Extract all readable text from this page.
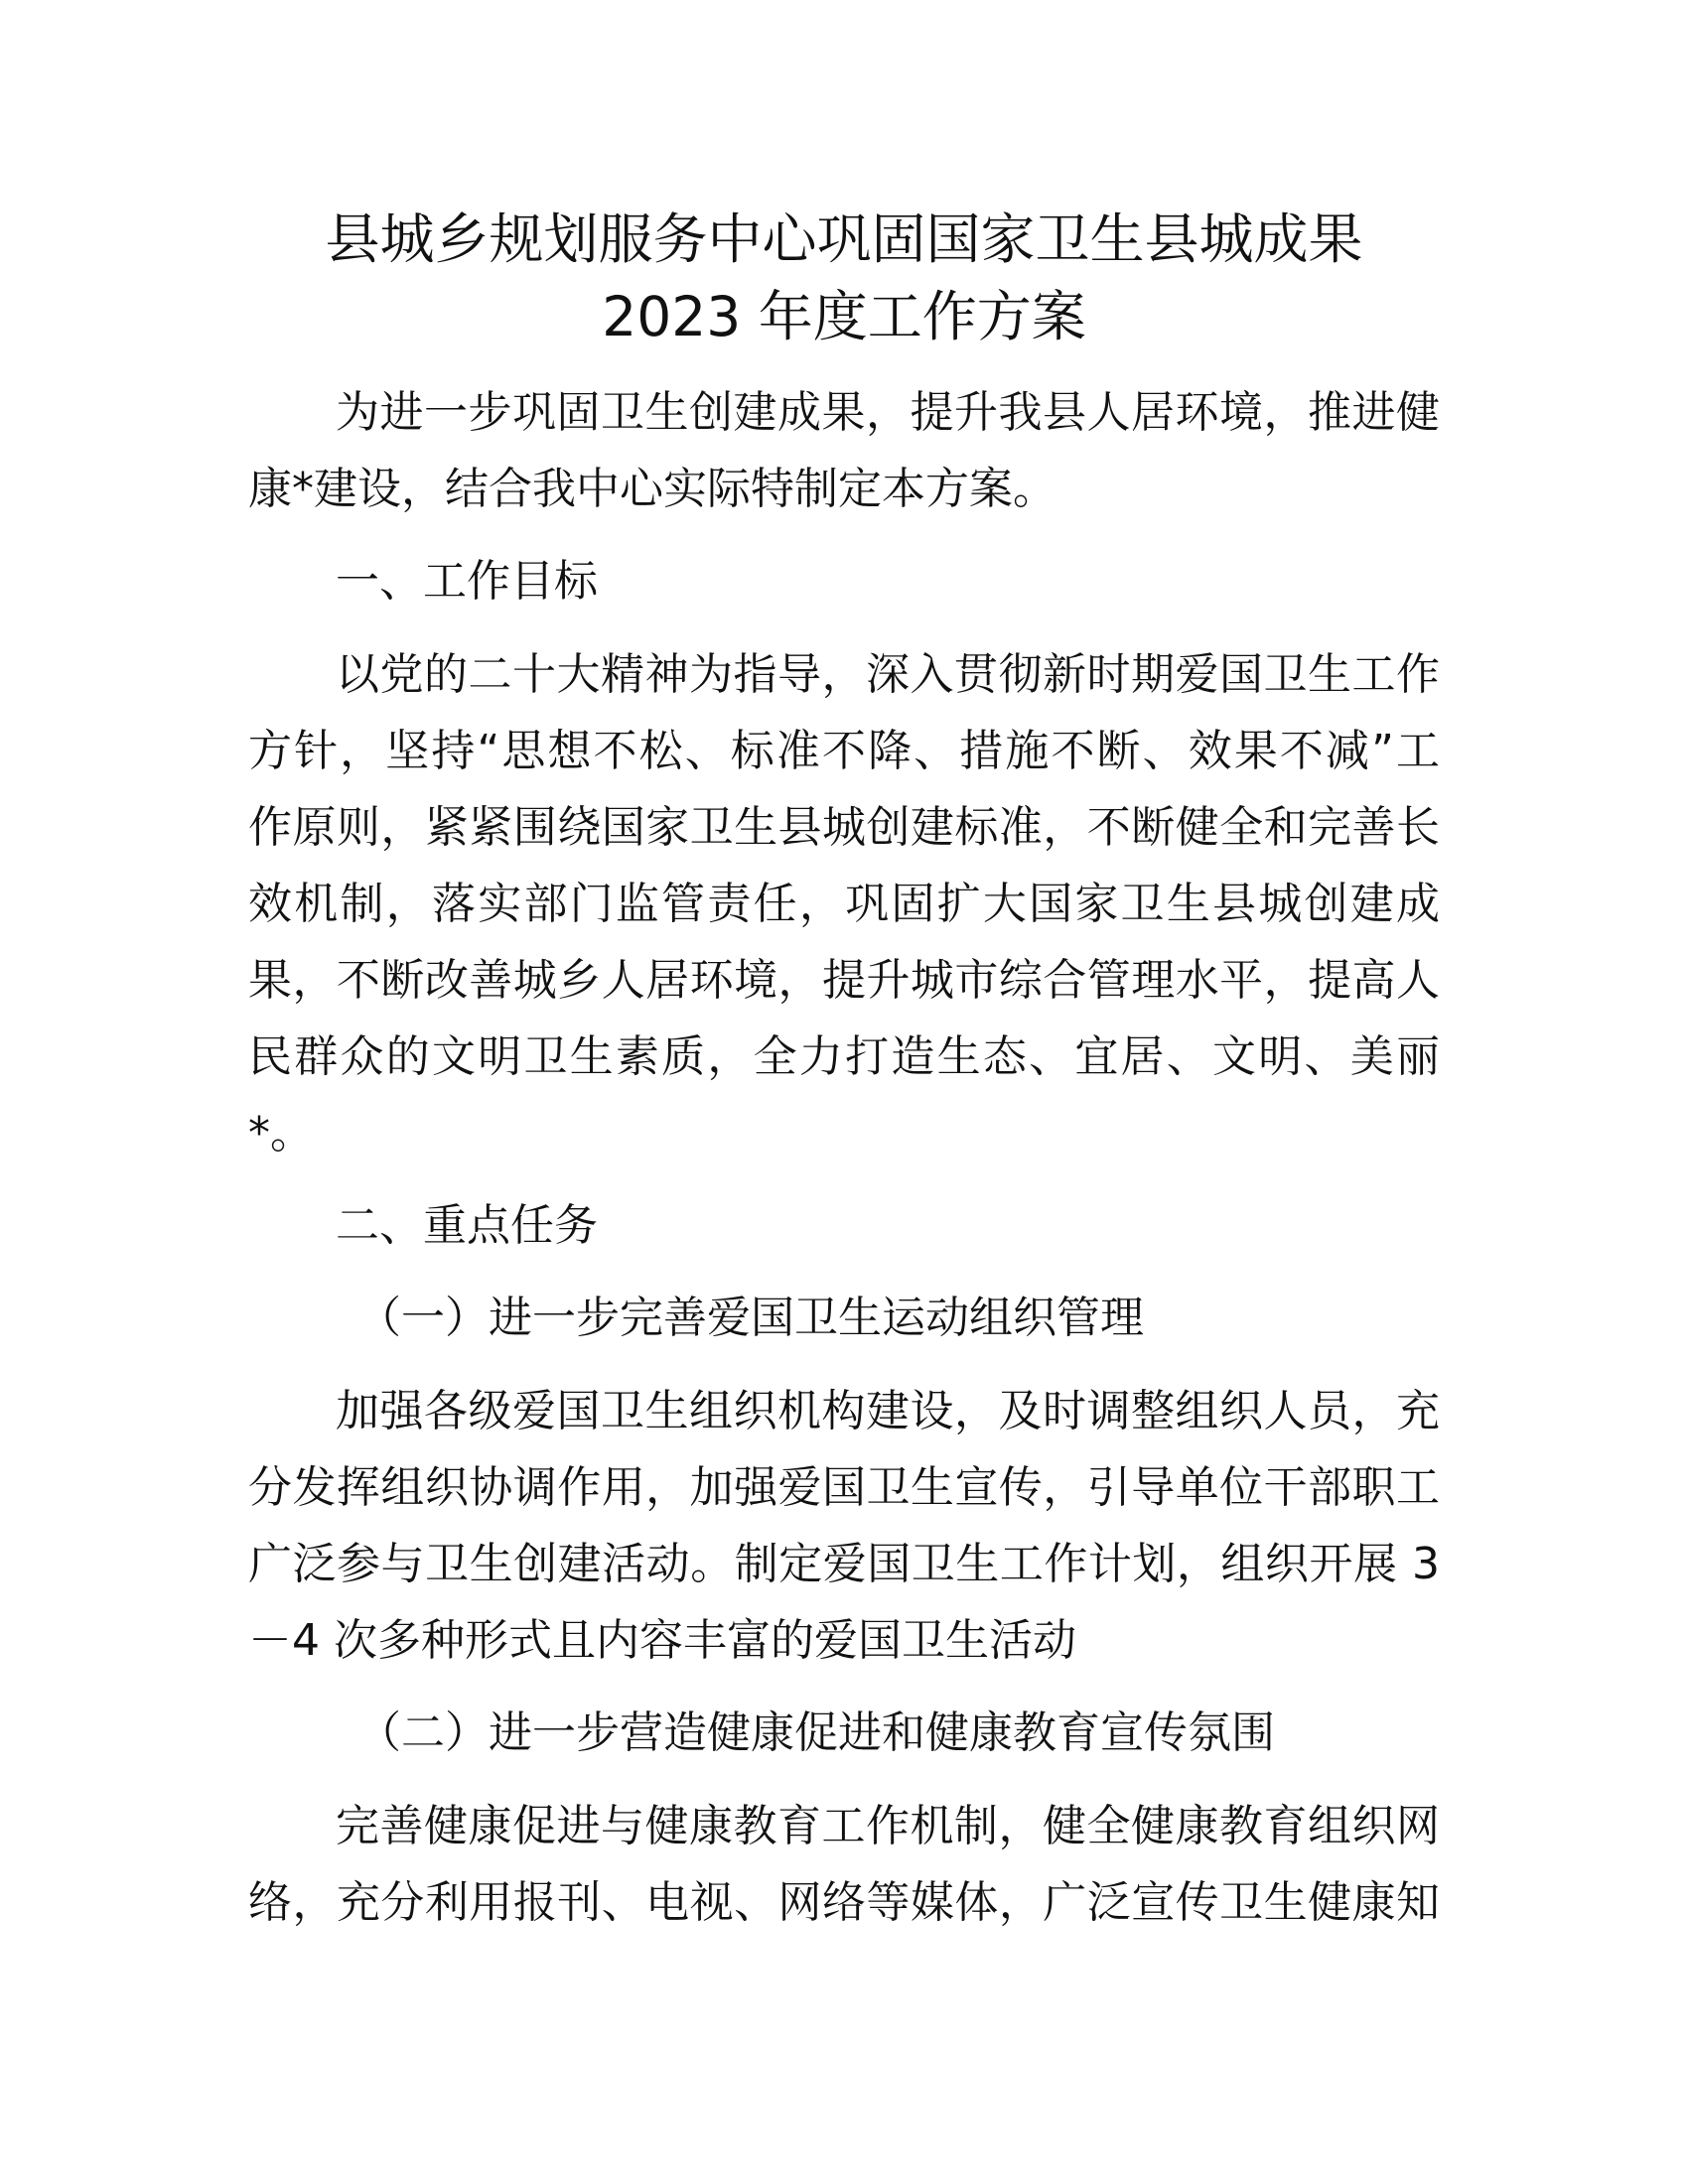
县城乡规划服务中心巩固国家卫生县城成果
2023 年度工作方案
为进一步巩固卫生创建成果，提升我县人居环境，推进健
康*建设，结合我中心实际特制定本方案。
一、工作目标
以党的二十大精神为指导，深入贯彻新时期爱国卫生工作
方针，坚持“思想不松、标准不降、措施不断、效果不减”工
作原则，紧紧围绕国家卫生县城创建标准，不断健全和完善长
效机制，落实部门监管责任，巩固扩大国家卫生县城创建成
果，不断改善城乡人居环境，提升城市综合管理水平，提高人
民群众的文明卫生素质，全力打造生态、宜居、文明、美丽
*。
二、重点任务
（一）进一步完善爱国卫生运动组织管理
加强各级爱国卫生组织机构建设，及时调整组织人员，充
分发挥组织协调作用，加强爱国卫生宣传，引导单位干部职工
广泛参与卫生创建活动。制定爱国卫生工作计划，组织开展 3
－4 次多种形式且内容丰富的爱国卫生活动
（二）进一步营造健康促进和健康教育宣传氛围
完善健康促进与健康教育工作机制，健全健康教育组织网
络，充分利用报刊、电视、网络等媒体，广泛宣传卫生健康知
